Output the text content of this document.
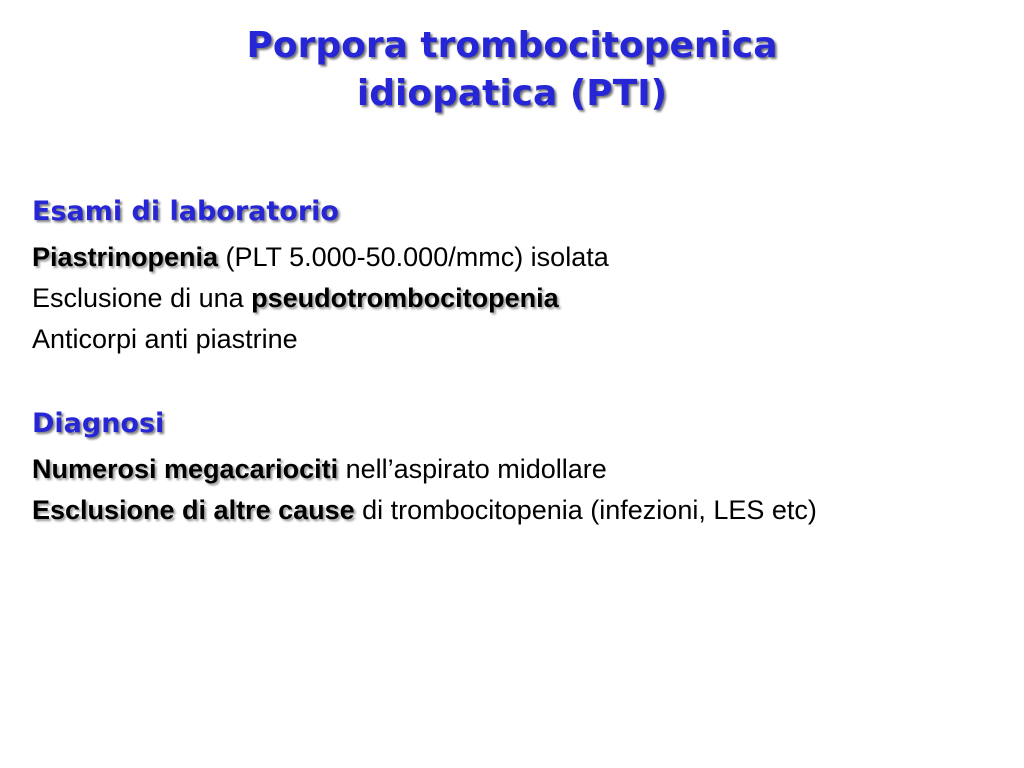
Porpora trombocitopenica
idiopatica (PTI)
Esami di laboratorio

Piastrinopenia (PLT 5.000-50.000/mmc) isolata

Esclusione di una pseudotrombocitopenia

Anticorpi anti piastrine

Diagnosi

Numerosi megacariociti nell’aspirato midollare

Esclusione di altre cause di trombocitopenia (infezioni, LES etc)
